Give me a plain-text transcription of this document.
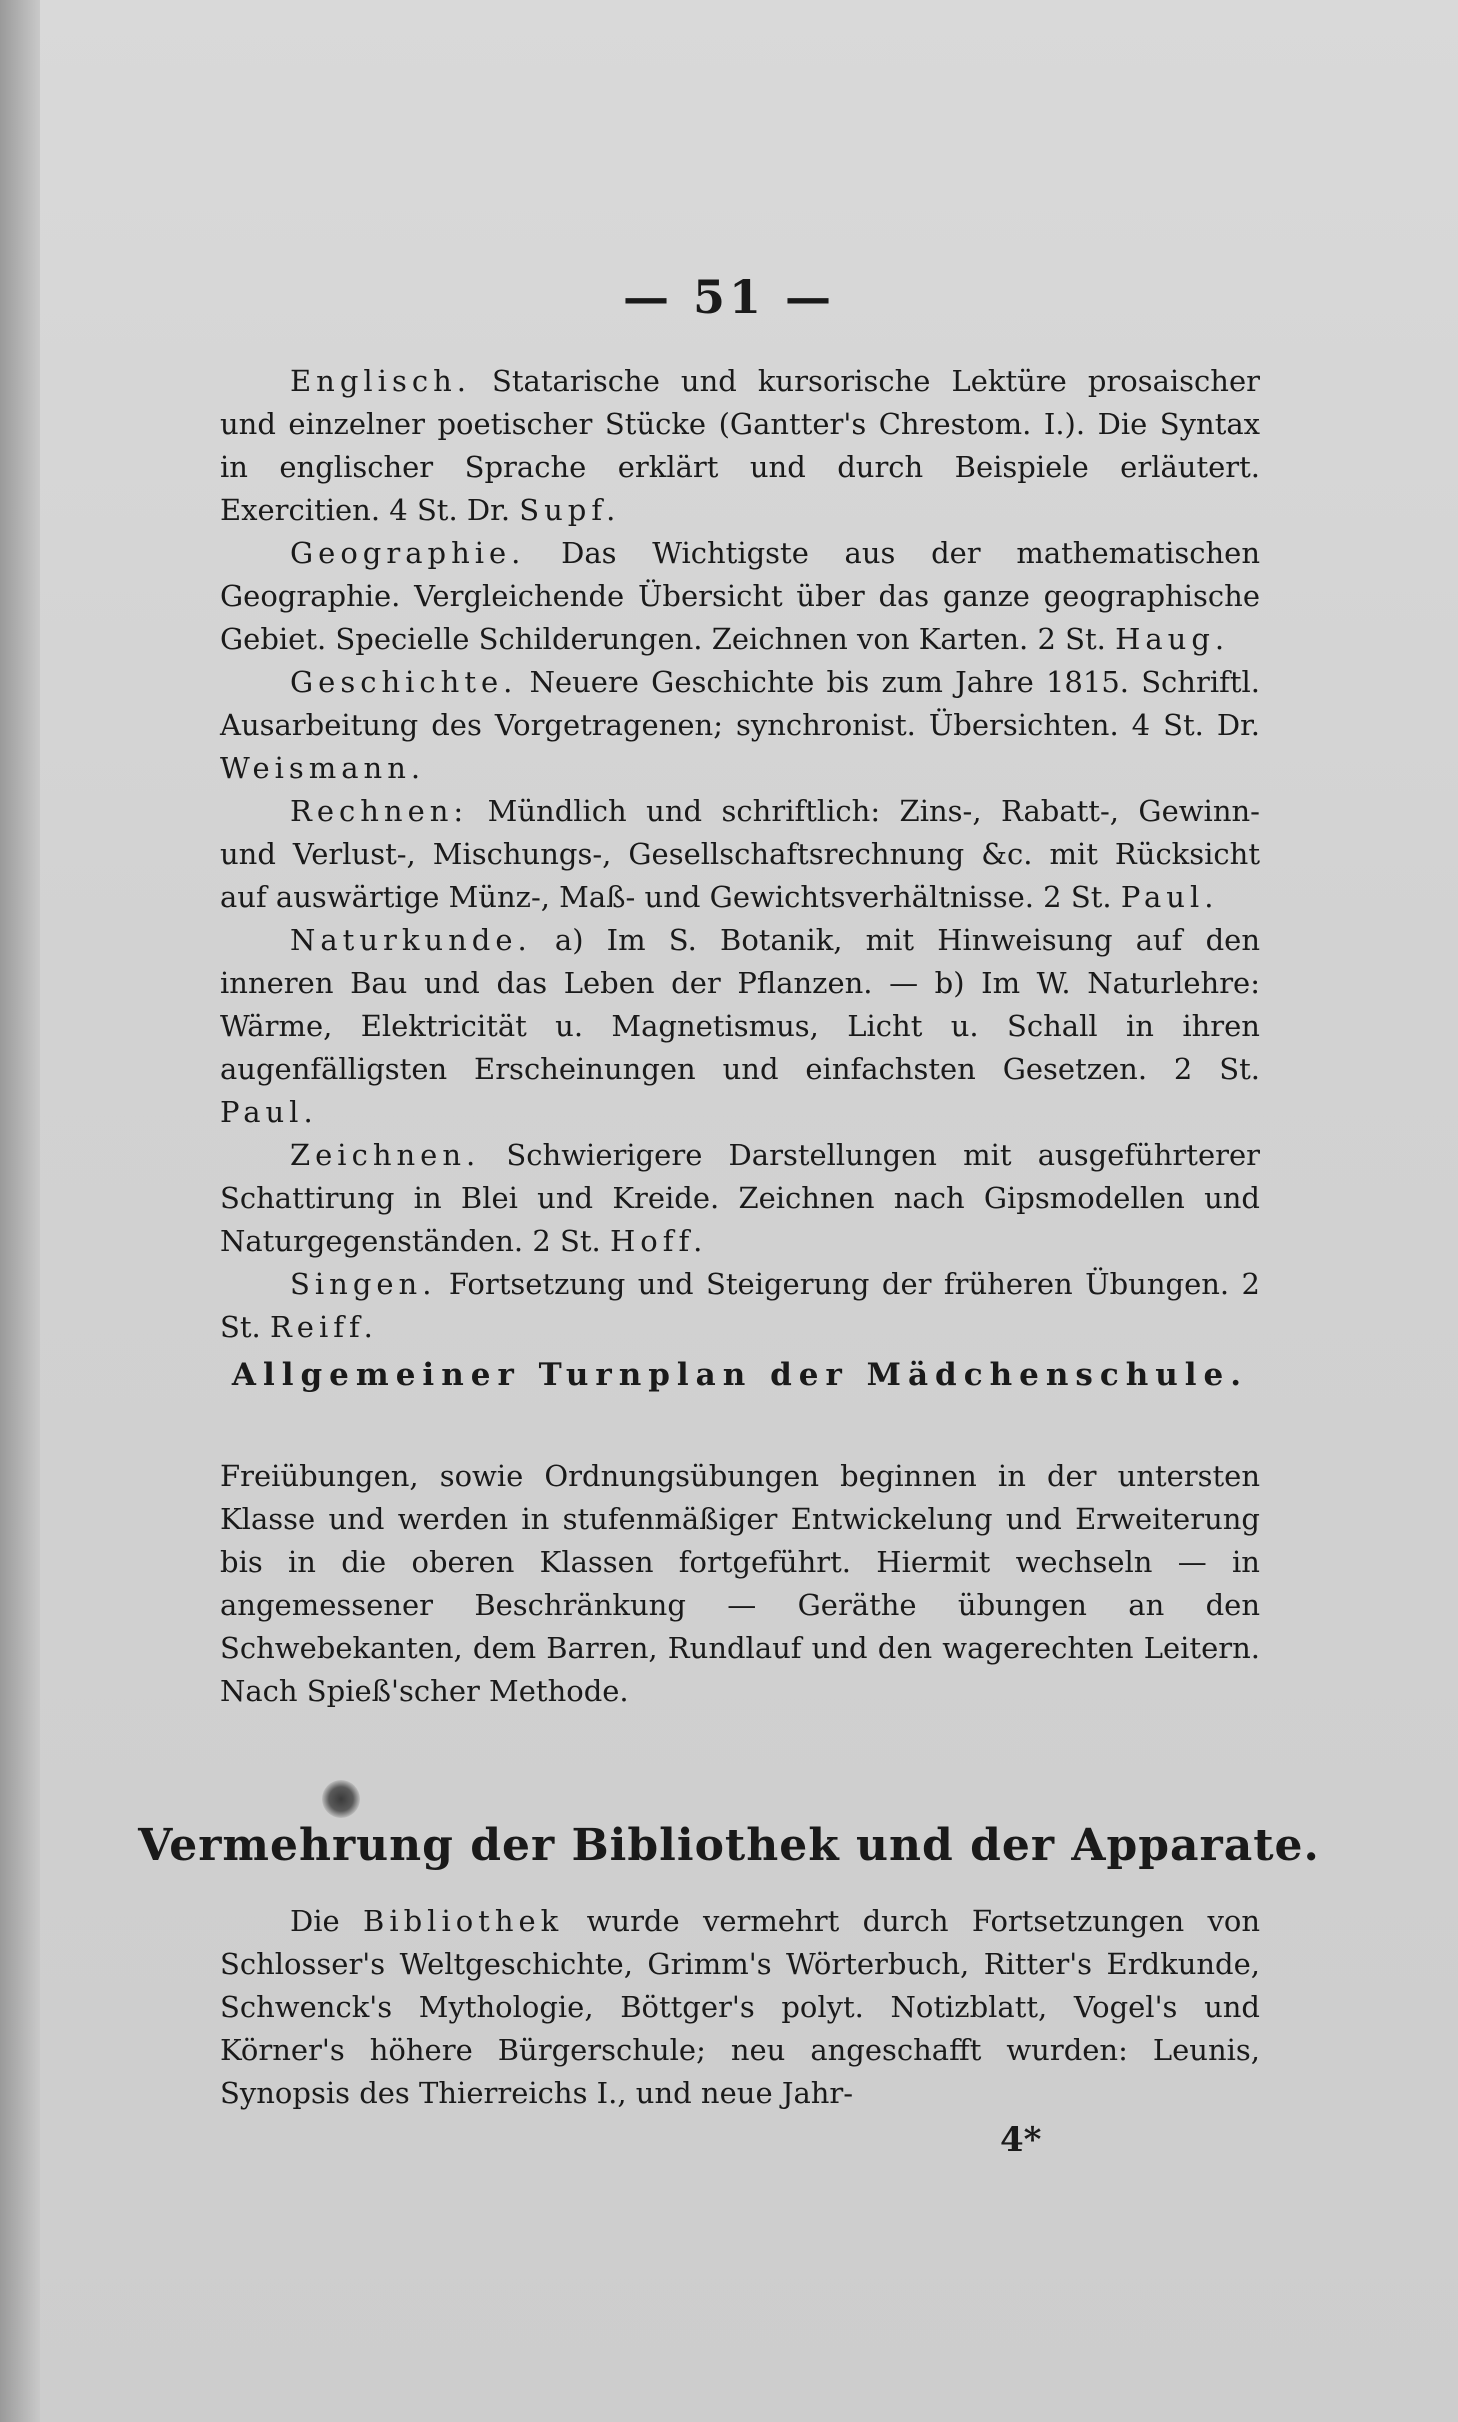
— 51 —

Englisch. Statarische und kursorische Lektüre prosaischer und einzelner poetischer Stücke (Gantter's Chrestom. I.). Die Syntax in englischer Sprache erklärt und durch Beispiele erläutert. Exercitien. 4 St. Dr. Supf.

Geographie. Das Wichtigste aus der mathematischen Geographie. Vergleichende Übersicht über das ganze geographische Gebiet. Specielle Schilderungen. Zeichnen von Karten. 2 St. Haug.

Geschichte. Neuere Geschichte bis zum Jahre 1815. Schriftl. Ausarbeitung des Vorgetragenen; synchronist. Übersichten. 4 St. Dr. Weismann.

Rechnen: Mündlich und schriftlich: Zins-, Rabatt-, Gewinn- und Verlust-, Mischungs-, Gesellschaftsrechnung &c. mit Rücksicht auf auswärtige Münz-, Maß- und Gewichtsverhältnisse. 2 St. Paul.

Naturkunde. a) Im S. Botanik, mit Hinweisung auf den inneren Bau und das Leben der Pflanzen. — b) Im W. Naturlehre: Wärme, Elektricität u. Magnetismus, Licht u. Schall in ihren augenfälligsten Erscheinungen und einfachsten Gesetzen. 2 St. Paul.

Zeichnen. Schwierigere Darstellungen mit ausgeführterer Schattirung in Blei und Kreide. Zeichnen nach Gipsmodellen und Naturgegenständen. 2 St. Hoff.

Singen. Fortsetzung und Steigerung der früheren Übungen. 2 St. Reiff.

Allgemeiner Turnplan der Mädchenschule.

Freiübungen, sowie Ordnungsübungen beginnen in der untersten Klasse und werden in stufenmäßiger Entwickelung und Erweiterung bis in die oberen Klassen fortgeführt. Hiermit wechseln — in angemessener Beschränkung — Geräthe übungen an den Schwebekanten, dem Barren, Rundlauf und den wagerechten Leitern. Nach Spieß'scher Methode.

Vermehrung der Bibliothek und der Apparate.

Die Bibliothek wurde vermehrt durch Fortsetzungen von Schlosser's Weltgeschichte, Grimm's Wörterbuch, Ritter's Erdkunde, Schwenck's Mythologie, Böttger's polyt. Notizblatt, Vogel's und Körner's höhere Bürgerschule; neu angeschafft wurden: Leunis, Synopsis des Thierreichs I., und neue Jahr-

4*
